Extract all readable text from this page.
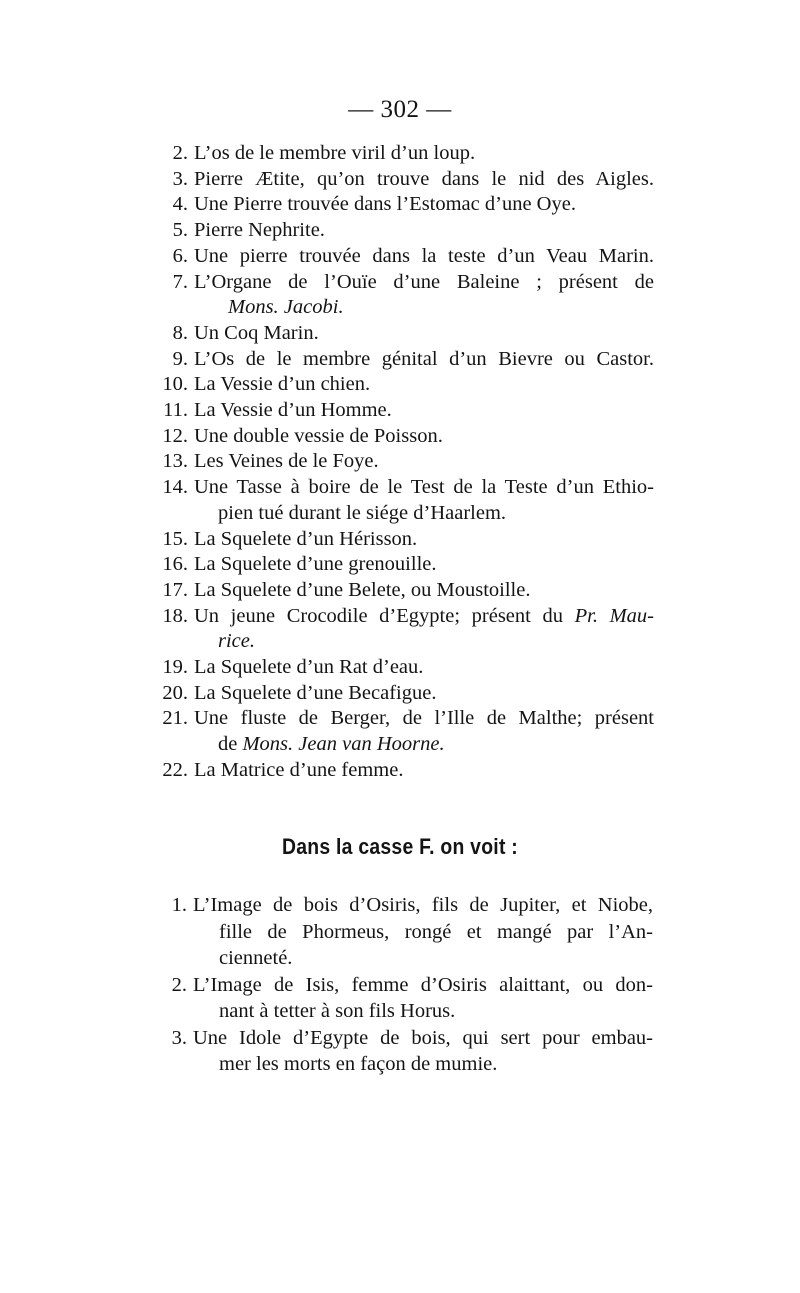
— 302 —
2. L’os de le membre viril d’un loup.
3. Pierre Ætite, qu’on trouve dans le nid des Aigles.
4. Une Pierre trouvée dans l’Estomac d’une Oye.
5. Pierre Nephrite.
6. Une pierre trouvée dans la teste d’un Veau Marin.
7. L’Organe de l’Ouïe d’une Baleine ; présent de
Mons. Jacobi.
8. Un Coq Marin.
9. L’Os de le membre génital d’un Bievre ou Castor.
10. La Vessie d’un chien.
11. La Vessie d’un Homme.
12. Une double vessie de Poisson.
13. Les Veines de le Foye.
14. Une Tasse à boire de le Test de la Teste d’un Ethio-
pien tué durant le siége d’Haarlem.
15. La Squelete d’un Hérisson.
16. La Squelete d’une grenouille.
17. La Squelete d’une Belete, ou Moustoille.
18. Un jeune Crocodile d’Egypte; présent du Pr. Mau-
rice.
19. La Squelete d’un Rat d’eau.
20. La Squelete d’une Becafigue.
21. Une fluste de Berger, de l’Ille de Malthe; présent
de Mons. Jean van Hoorne.
22. La Matrice d’une femme.
Dans la casse F. on voit :
1. L’Image de bois d’Osiris, fils de Jupiter, et Niobe,
fille de Phormeus, rongé et mangé par l’An-
cienneté.
2. L’Image de Isis, femme d’Osiris alaittant, ou don-
nant à tetter à son fils Horus.
3. Une Idole d’Egypte de bois, qui sert pour embau-
mer les morts en façon de mumie.
